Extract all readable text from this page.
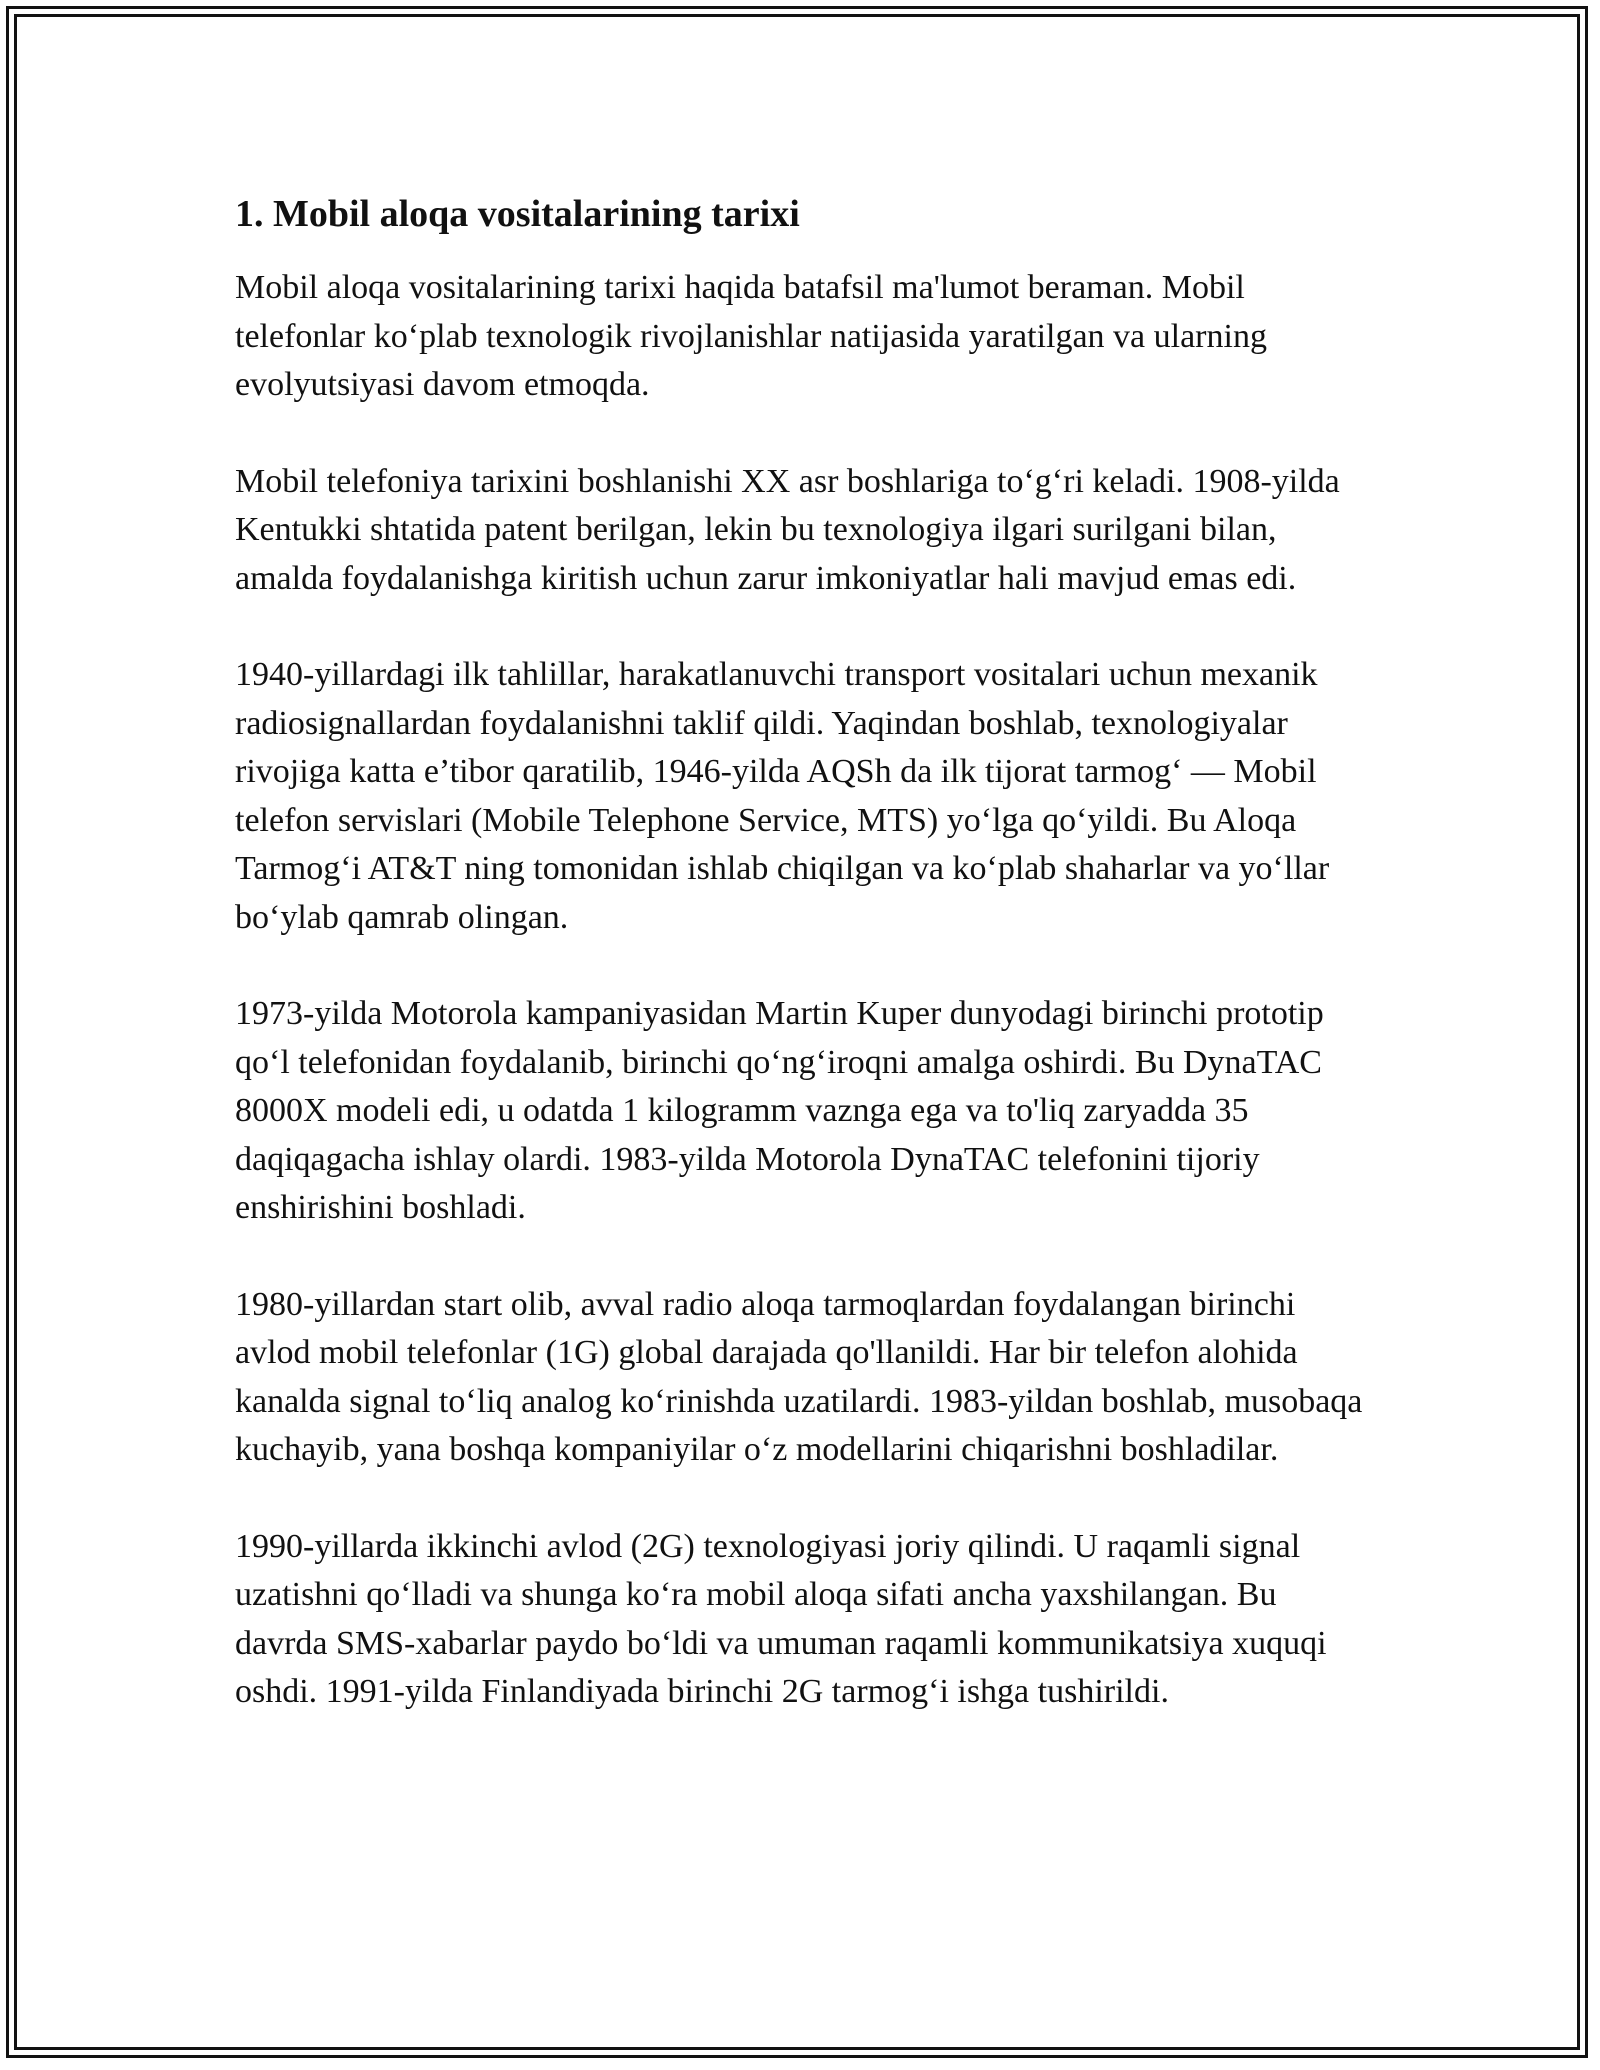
1. Mobil aloqa vositalarining tarixi

Mobil aloqa vositalarining tarixi haqida batafsil ma'lumot beraman. Mobil telefonlar ko‘plab texnologik rivojlanishlar natijasida yaratilgan va ularning evolyutsiyasi davom etmoqda.

Mobil telefoniya tarixini boshlanishi XX asr boshlariga to‘g‘ri keladi. 1908-yilda Kentukki shtatida patent berilgan, lekin bu texnologiya ilgari surilgani bilan, amalda foydalanishga kiritish uchun zarur imkoniyatlar hali mavjud emas edi.

1940-yillardagi ilk tahlillar, harakatlanuvchi transport vositalari uchun mexanik radiosignallardan foydalanishni taklif qildi. Yaqindan boshlab, texnologiyalar rivojiga katta e’tibor qaratilib, 1946-yilda AQSh da ilk tijorat tarmog‘ — Mobil telefon servislari (Mobile Telephone Service, MTS) yo‘lga qo‘yildi. Bu Aloqa Tarmog‘i AT&T ning tomonidan ishlab chiqilgan va ko‘plab shaharlar va yo‘llar bo‘ylab qamrab olingan.

1973-yilda Motorola kampaniyasidan Martin Kuper dunyodagi birinchi prototip qo‘l telefonidan foydalanib, birinchi qo‘ng‘iroqni amalga oshirdi. Bu DynaTAC 8000X modeli edi, u odatda 1 kilogramm vaznga ega va to'liq zaryadda 35 daqiqagacha ishlay olardi. 1983-yilda Motorola DynaTAC telefonini tijoriy enshirishini boshladi.

1980-yillardan start olib, avval radio aloqa tarmoqlardan foydalangan birinchi avlod mobil telefonlar (1G) global darajada qo'llanildi. Har bir telefon alohida kanalda signal to‘liq analog ko‘rinishda uzatilardi. 1983-yildan boshlab, musobaqa kuchayib, yana boshqa kompaniyilar o‘z modellarini chiqarishni boshladilar.

1990-yillarda ikkinchi avlod (2G) texnologiyasi joriy qilindi. U raqamli signal uzatishni qo‘lladi va shunga ko‘ra mobil aloqa sifati ancha yaxshilangan. Bu davrda SMS-xabarlar paydo bo‘ldi va umuman raqamli kommunikatsiya xuquqi oshdi. 1991-yilda Finlandiyada birinchi 2G tarmog‘i ishga tushirildi.
